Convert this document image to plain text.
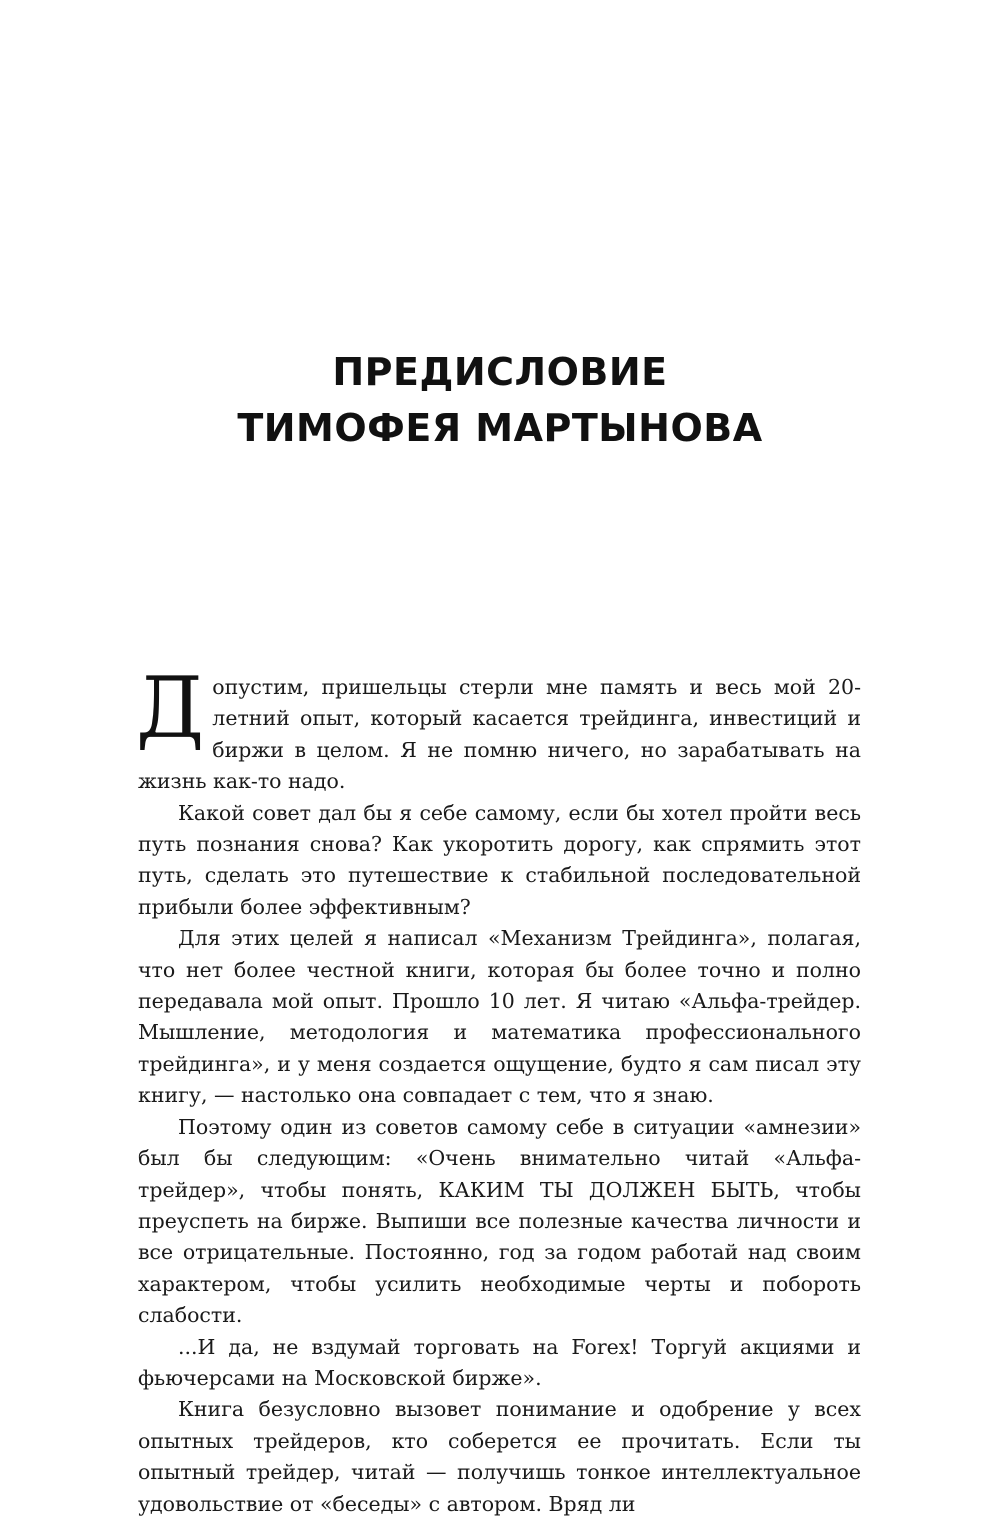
ПРЕДИСЛОВИЕ
ТИМОФЕЯ МАРТЫНОВА

Допустим, пришельцы стерли мне память и весь мой 20-летний опыт, который касается трейдинга, инвестиций и биржи в целом. Я не помню ничего, но зарабатывать на жизнь как-то надо.

Какой совет дал бы я себе самому, если бы хотел пройти весь путь познания снова? Как укоротить дорогу, как спрямить этот путь, сделать это путешествие к стабильной последовательной прибыли более эффективным?

Для этих целей я написал «Механизм Трейдинга», полагая, что нет более честной книги, которая бы более точно и полно передавала мой опыт. Прошло 10 лет. Я читаю «Альфа-трейдер. Мышление, методология и математика профессионального трейдинга», и у меня создается ощущение, будто я сам писал эту книгу, — настолько она совпадает с тем, что я знаю.

Поэтому один из советов самому себе в ситуации «амнезии» был бы следующим: «Очень внимательно читай «Альфа-трейдер», чтобы понять, КАКИМ ТЫ ДОЛЖЕН БЫТЬ, чтобы преуспеть на бирже. Выпиши все полезные качества личности и все отрицательные. Постоянно, год за годом работай над своим характером, чтобы усилить необходимые черты и побороть слабости.

...И да, не вздумай торговать на Forex! Торгуй акциями и фьючерсами на Московской бирже».

Книга безусловно вызовет понимание и одобрение у всех опытных трейдеров, кто соберется ее прочитать. Если ты опытный трейдер, читай — получишь тонкое интеллектуальное удовольствие от «беседы» с автором. Вряд ли
